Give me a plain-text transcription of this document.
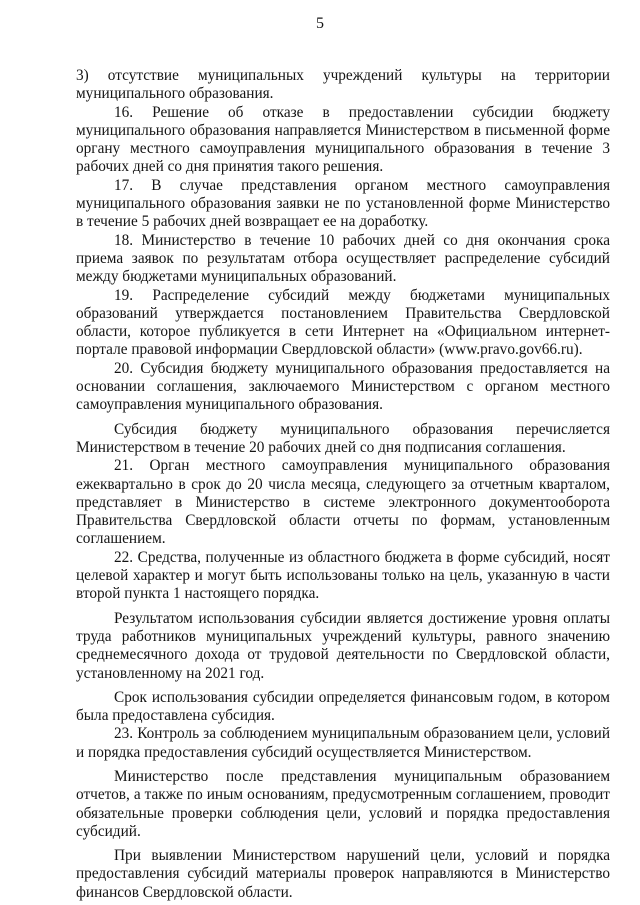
5

3) отсутствие муниципальных учреждений культуры на территории муниципального образования.

16. Решение об отказе в предоставлении субсидии бюджету муниципального образования направляется Министерством в письменной форме органу местного самоуправления муниципального образования в течение 3 рабочих дней со дня принятия такого решения.

17. В случае представления органом местного самоуправления муниципального образования заявки не по установленной форме Министерство в течение 5 рабочих дней возвращает ее на доработку.

18. Министерство в течение 10 рабочих дней со дня окончания срока приема заявок по результатам отбора осуществляет распределение субсидий между бюджетами муниципальных образований.

19. Распределение субсидий между бюджетами муниципальных образований утверждается постановлением Правительства Свердловской области, которое публикуется в сети Интернет на «Официальном интернет-портале правовой информации Свердловской области» (www.pravo.gov66.ru).

20. Субсидия бюджету муниципального образования предоставляется на основании соглашения, заключаемого Министерством с органом местного самоуправления муниципального образования.

Субсидия бюджету муниципального образования перечисляется Министерством в течение 20 рабочих дней со дня подписания соглашения.

21. Орган местного самоуправления муниципального образования ежеквартально в срок до 20 числа месяца, следующего за отчетным кварталом, представляет в Министерство в системе электронного документооборота Правительства Свердловской области отчеты по формам, установленным соглашением.

22. Средства, полученные из областного бюджета в форме субсидий, носят целевой характер и могут быть использованы только на цель, указанную в части второй пункта 1 настоящего порядка.

Результатом использования субсидии является достижение уровня оплаты труда работников муниципальных учреждений культуры, равного значению среднемесячного дохода от трудовой деятельности по Свердловской области, установленному на 2021 год.

Срок использования субсидии определяется финансовым годом, в котором была предоставлена субсидия.

23. Контроль за соблюдением муниципальным образованием цели, условий и порядка предоставления субсидий осуществляется Министерством.

Министерство после представления муниципальным образованием отчетов, а также по иным основаниям, предусмотренным соглашением, проводит обязательные проверки соблюдения цели, условий и порядка предоставления субсидий.

При выявлении Министерством нарушений цели, условий и порядка предоставления субсидий материалы проверок направляются в Министерство финансов Свердловской области.
